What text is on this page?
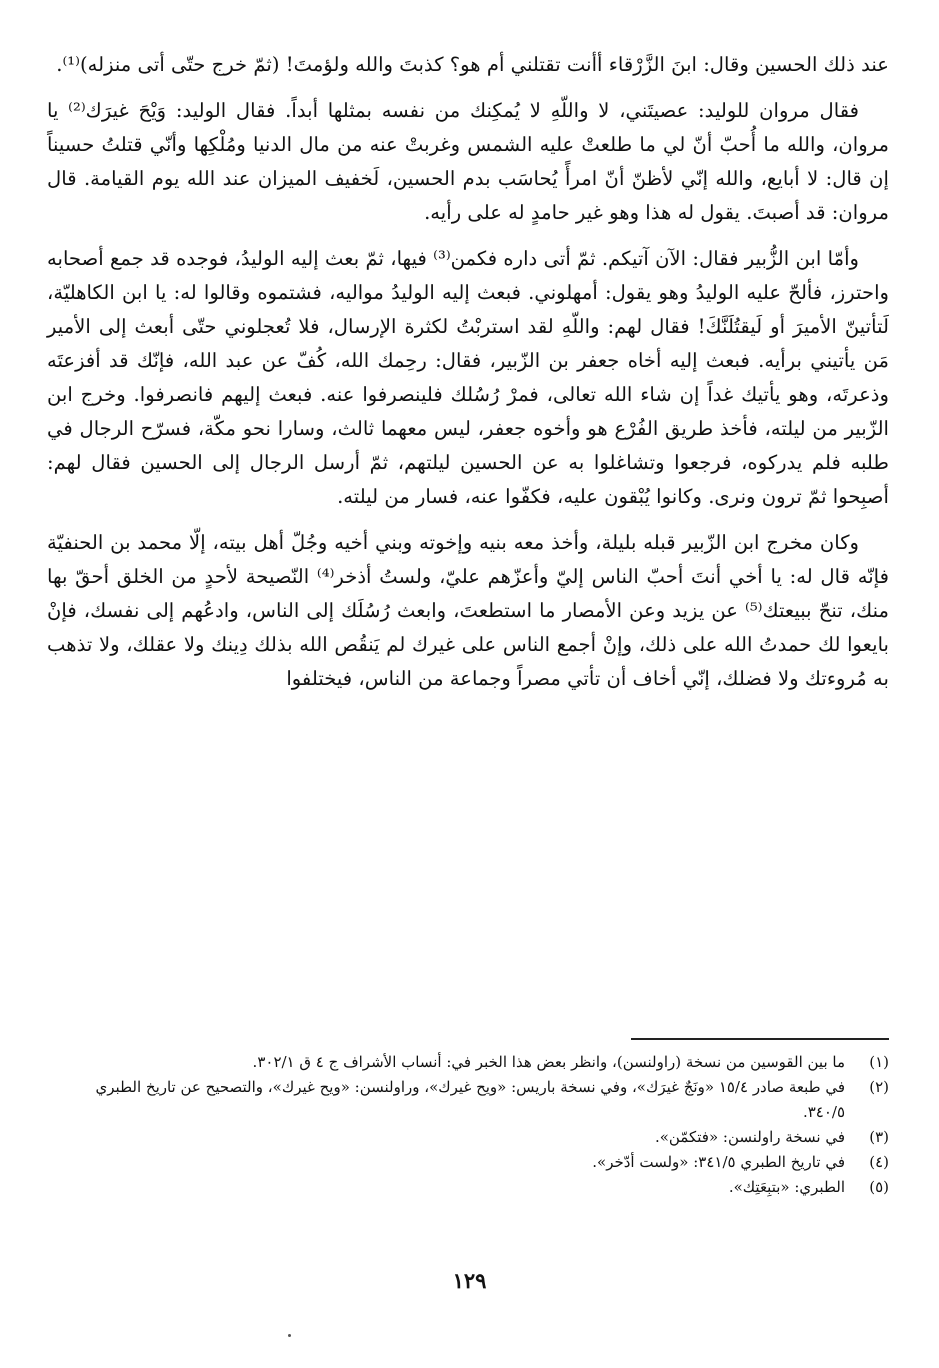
عند ذلك الحسين وقال: ابنَ الزَّرْقاء أأنت تقتلني أم هو؟ كذبتَ والله ولؤمتَ! (ثمّ خرج حتّى أتى منزله)⁽¹⁾.

فقال مروان للوليد: عصيتَني، لا واللّهِ لا يُمكِنك من نفسه بمثلها أبداً. فقال الوليد: وَيْحَ غيرَك⁽²⁾ يا مروان، والله ما أُحبّ أنّ لي ما طلعتْ عليه الشمس وغربتْ عنه من مال الدنيا ومُلْكِها وأنّي قتلتُ حسيناً إن قال: لا أبايع، والله إنّي لأظنّ أنّ امرأً يُحاسَب بدم الحسين، لَخفيف الميزان عند الله يوم القيامة. قال مروان: قد أصبتَ. يقول له هذا وهو غير حامدٍ له على رأيه.

وأمّا ابن الزُّبير فقال: الآن آتيكم. ثمّ أتى داره فكمن⁽³⁾ فيها، ثمّ بعث إليه الوليدُ، فوجده قد جمع أصحابه واحترز، فألحّ عليه الوليدُ وهو يقول: أمهلوني. فبعث إليه الوليدُ مواليه، فشتموه وقالوا له: يا ابن الكاهليّة، لَتأتينّ الأميرَ أو لَيقتُلَنَّكَ! فقال لهم: واللّهِ لقد استربْتُ لكثرة الإرسال، فلا تُعجلوني حتّى أبعث إلى الأمير مَن يأتيني برأيه. فبعث إليه أخاه جعفر بن الزّبير، فقال: رحِمك الله، كُفّ عن عبد الله، فإنّك قد أفزعتَه وذعرتَه، وهو يأتيك غداً إن شاء الله تعالى، فمرْ رُسُلك فلينصرفوا عنه. فبعث إليهم فانصرفوا. وخرج ابن الزّبير من ليلته، فأخذ طريق الفُرْع هو وأخوه جعفر، ليس معهما ثالث، وسارا نحو مكّة، فسرّح الرجال في طلبه فلم يدركوه، فرجعوا وتشاغلوا به عن الحسين ليلتهم، ثمّ أرسل الرجال إلى الحسين فقال لهم: أصبِحوا ثمّ ترون ونرى. وكانوا يُبْقون عليه، فكفّوا عنه، فسار من ليلته.

وكان مخرج ابن الزّبير قبله بليلة، وأخذ معه بنيه وإخوته وبني أخيه وجُلّ أهل بيته، إلّا محمد بن الحنفيّة فإنّه قال له: يا أخي أنتَ أحبّ الناس إليّ وأعزّهم عليّ، ولستُ أذخر⁽⁴⁾ النّصيحة لأحدٍ من الخلق أحقّ بها منك، تنحّ ببيعتك⁽⁵⁾ عن يزيد وعن الأمصار ما استطعتَ، وابعث رُسُلَك إلى الناس، وادعُهم إلى نفسك، فإنْ بايعوا لك حمدتُ الله على ذلك، وإنْ أجمع الناس على غيرك لم يَنقُص الله بذلك دِينك ولا عقلك، ولا تذهب به مُروءتك ولا فضلك، إنّي أخاف أن تأتي مصراً وجماعة من الناس، فيختلفوا

(١)
ما بين القوسين من نسخة (راولنسن)، وانظر بعض هذا الخبر في: أنساب الأشراف ج ٤ ق ٣٠٢/١.
(٢)
في طبعة صادر ١٥/٤ «ونَجٌ غيرَك»، وفي نسخة باريس: «ويح غيرك»، وراولنسن: «ويح غيرك»، والتصحيح عن تاريخ الطبري ٣٤٠/٥.
(٣)
في نسخة راولنسن: «فتكمّن».
(٤)
في تاريخ الطبري ٣٤١/٥: «ولست أدّخر».
(٥)
الطبري: «بتبِعَتِك».
١٢٩
